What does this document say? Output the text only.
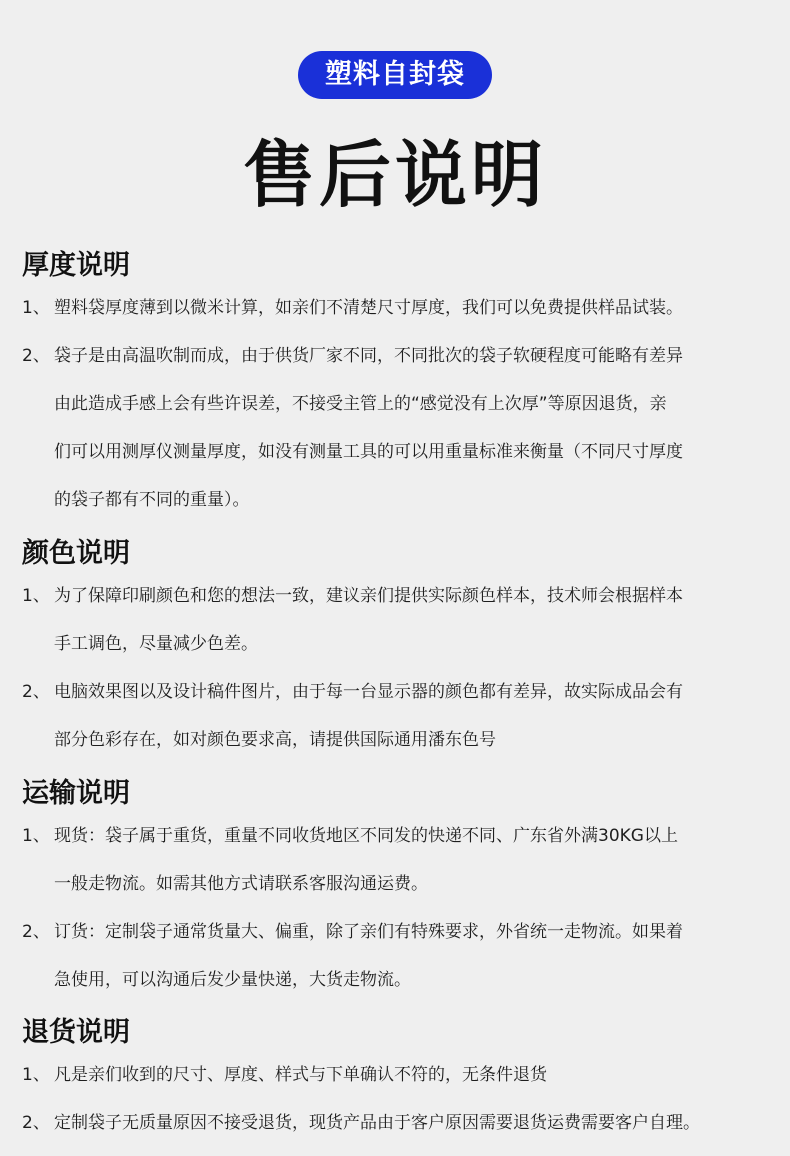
塑料自封袋
售后说明
厚度说明
1、 塑料袋厚度薄到以微米计算，如亲们不清楚尺寸厚度，我们可以免费提供样品试装。
2、 袋子是由高温吹制而成，由于供货厂家不同，不同批次的袋子软硬程度可能略有差异
由此造成手感上会有些许误差，不接受主管上的“感觉没有上次厚”等原因退货，亲
们可以用测厚仪测量厚度，如没有测量工具的可以用重量标准来衡量（不同尺寸厚度
的袋子都有不同的重量）。
颜色说明
1、 为了保障印刷颜色和您的想法一致，建议亲们提供实际颜色样本，技术师会根据样本
手工调色，尽量减少色差。
2、 电脑效果图以及设计稿件图片，由于每一台显示器的颜色都有差异，故实际成品会有
部分色彩存在，如对颜色要求高，请提供国际通用潘东色号
运输说明
1、 现货：袋子属于重货，重量不同收货地区不同发的快递不同、广东省外满30KG以上
一般走物流。如需其他方式请联系客服沟通运费。
2、 订货：定制袋子通常货量大、偏重，除了亲们有特殊要求，外省统一走物流。如果着
急使用，可以沟通后发少量快递，大货走物流。
退货说明
1、 凡是亲们收到的尺寸、厚度、样式与下单确认不符的，无条件退货
2、 定制袋子无质量原因不接受退货，现货产品由于客户原因需要退货运费需要客户自理。
